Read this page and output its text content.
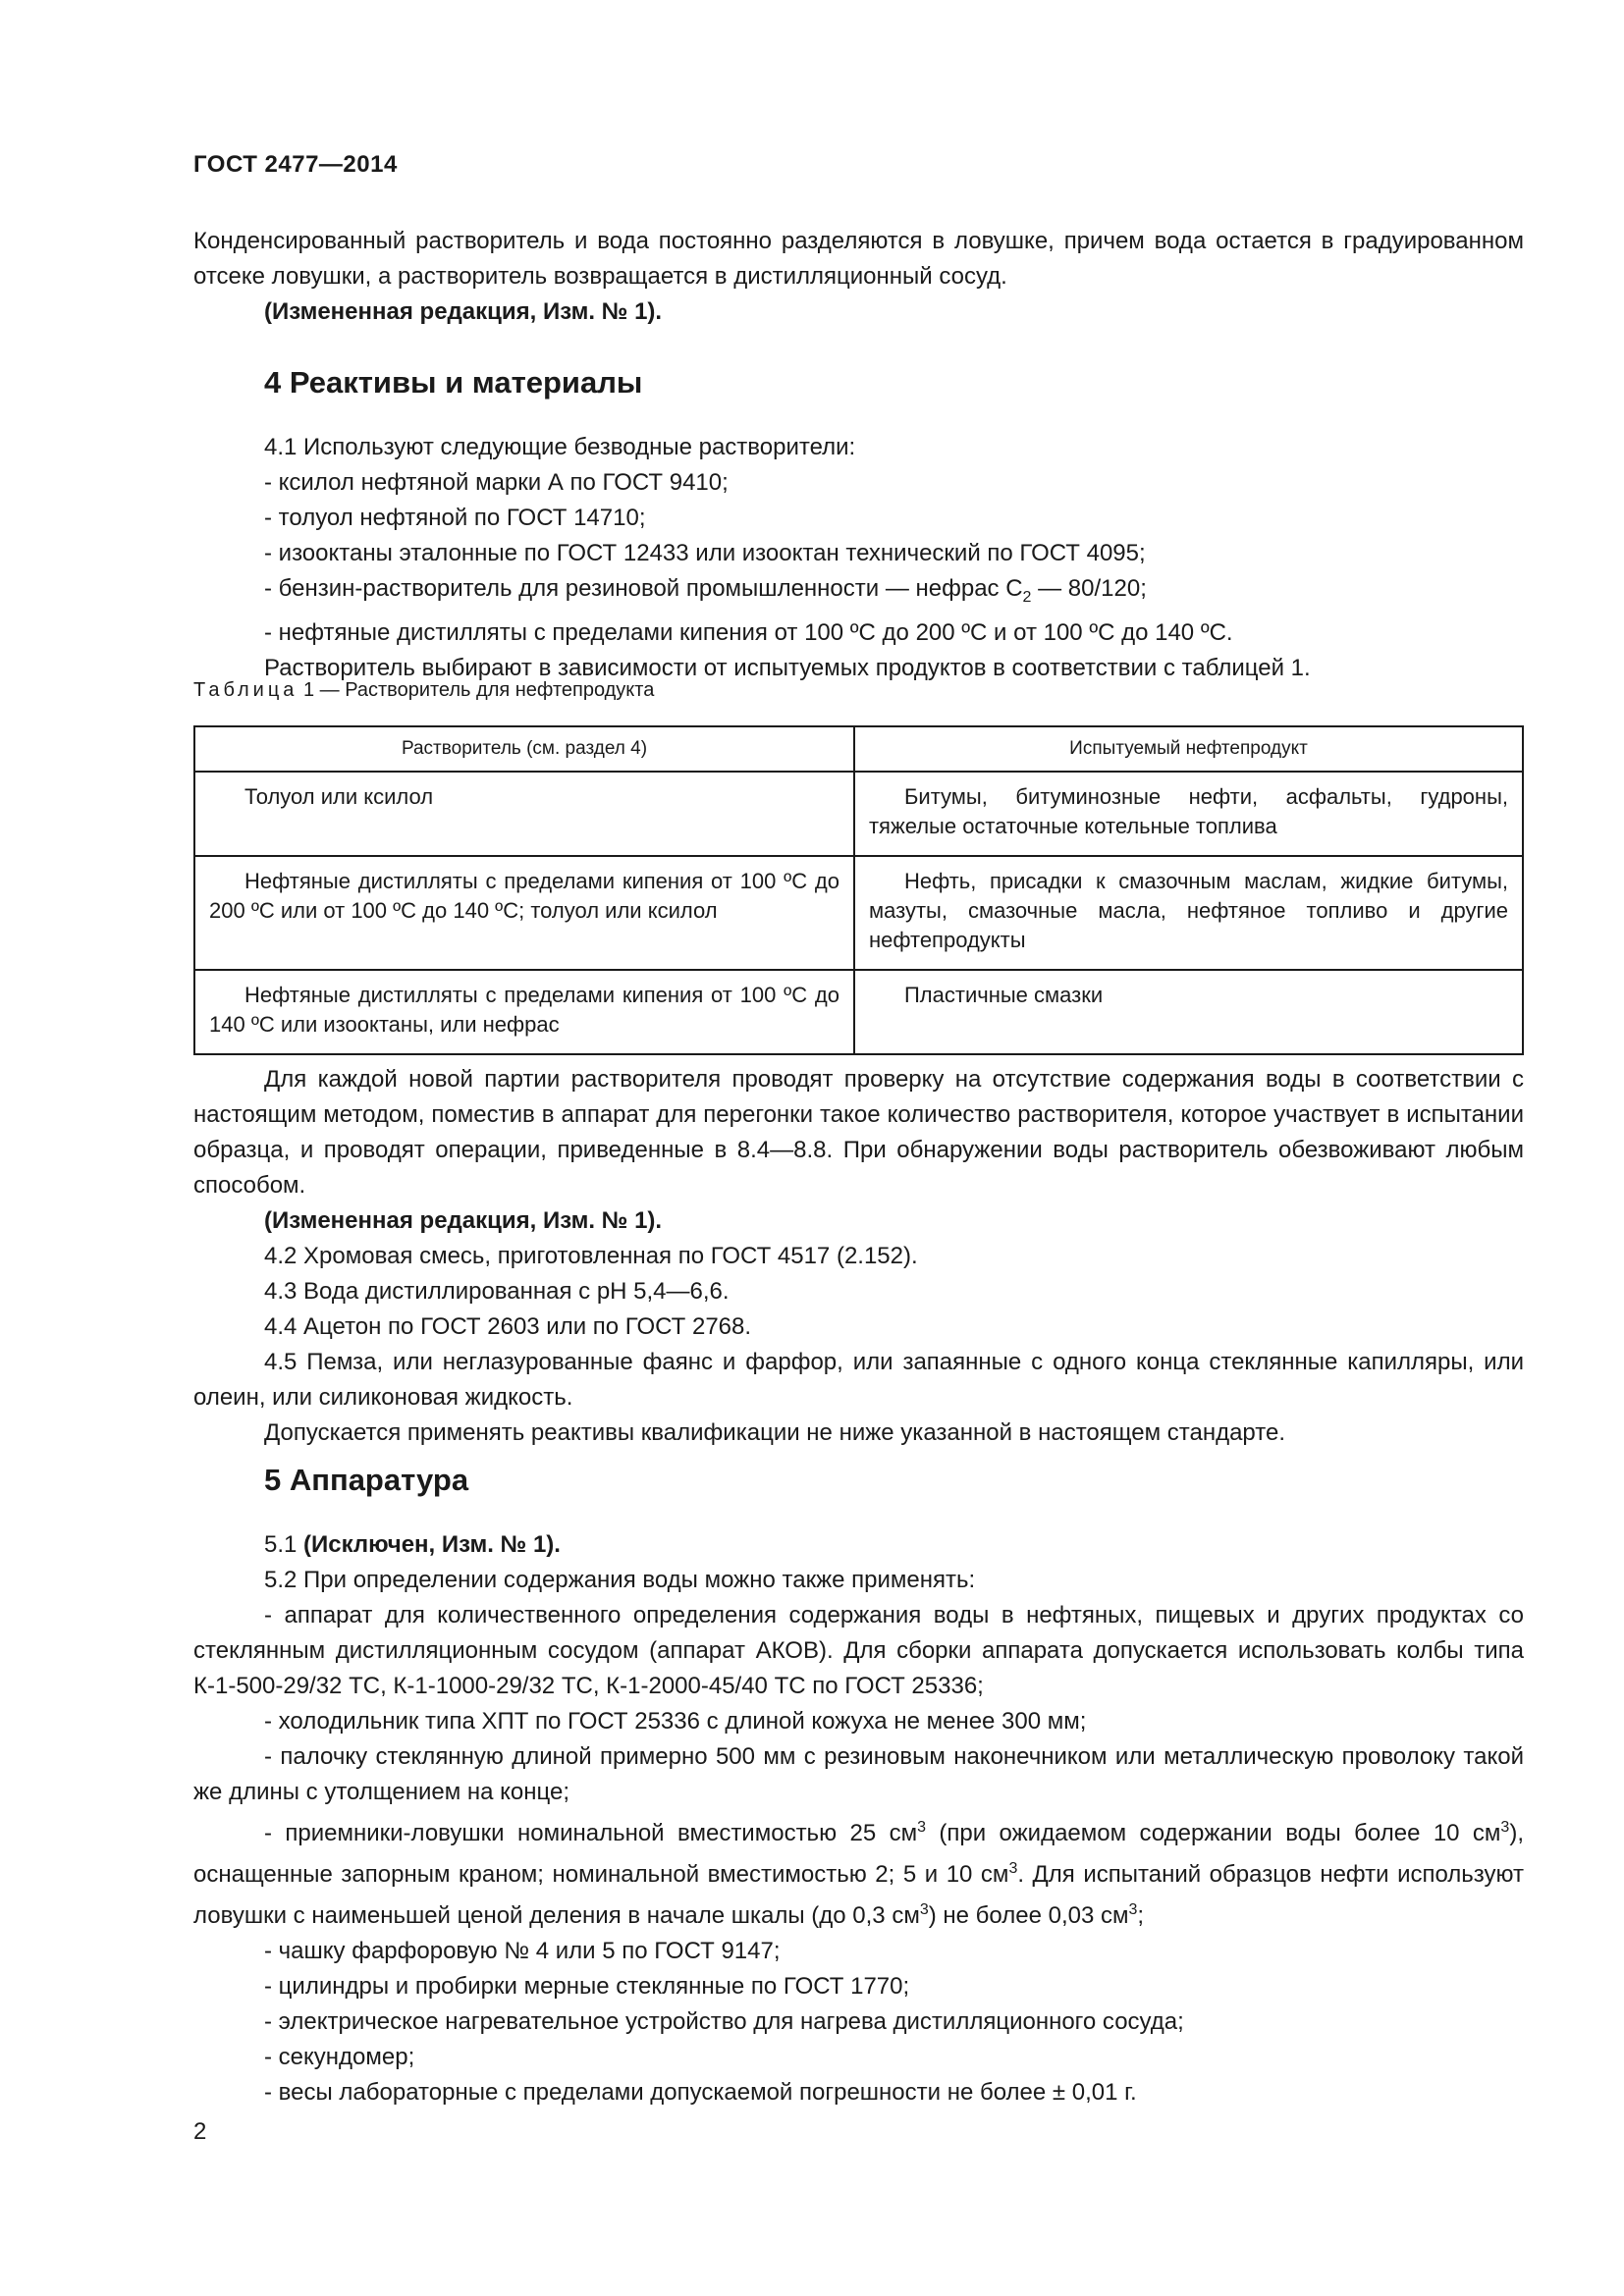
ГОСТ 2477—2014

Конденсированный растворитель и вода постоянно разделяются в ловушке, причем вода остается в градуированном отсеке ловушки, а растворитель возвращается в дистилляционный сосуд.

(Измененная редакция, Изм. № 1).

4 Реактивы и материалы

4.1 Используют следующие безводные растворители:

- ксилол нефтяной марки А по ГОСТ 9410;

- толуол нефтяной по ГОСТ 14710;

- изооктаны эталонные по ГОСТ 12433 или изооктан технический по ГОСТ 4095;

- бензин-растворитель для резиновой промышленности — нефрас $С_2$ — 80/120;

- нефтяные дистилляты с пределами кипения от 100 ºС до 200 ºС и от 100 ºС до 140 ºС.

Растворитель выбирают в зависимости от испытуемых продуктов в соответствии с таблицей 1.

Таблица 1 — Растворитель для нефтепродукта

Растворитель (см. раздел 4)	Испытуемый нефтепродукт

Толуол или ксилол	Битумы, битуминозные нефти, асфальты, гудроны, тяжелые остаточные котельные топлива

Нефтяные дистилляты с пределами кипения от 100 ºС до 200 ºС или от 100 ºС до 140 ºС; толуол или ксилол	Нефть, присадки к смазочным маслам, жидкие битумы, мазуты, смазочные масла, нефтяное топливо и другие нефтепродукты

Нефтяные дистилляты с пределами кипения от 100 ºС до 140 ºС или изооктаны, или нефрас	Пластичные смазки

Для каждой новой партии растворителя проводят проверку на отсутствие содержания воды в соответствии с настоящим методом, поместив в аппарат для перегонки такое количество растворителя, которое участвует в испытании образца, и проводят операции, приведенные в 8.4—8.8. При обнаружении воды растворитель обезвоживают любым способом.

(Измененная редакция, Изм. № 1).

4.2 Хромовая смесь, приготовленная по ГОСТ 4517 (2.152).

4.3 Вода дистиллированная с pH 5,4—6,6.

4.4 Ацетон по ГОСТ 2603 или по ГОСТ 2768.

4.5 Пемза, или неглазурованные фаянс и фарфор, или запаянные с одного конца стеклянные капилляры, или олеин, или силиконовая жидкость.

Допускается применять реактивы квалификации не ниже указанной в настоящем стандарте.

5 Аппаратура

5.1 (Исключен, Изм. № 1).

5.2 При определении содержания воды можно также применять:

- аппарат для количественного определения содержания воды в нефтяных, пищевых и других продуктах со стеклянным дистилляционным сосудом (аппарат АКОВ). Для сборки аппарата допускается использовать колбы типа К-1-500-29/32 ТС, К-1-1000-29/32 ТС, К-1-2000-45/40 ТС по ГОСТ 25336;

- холодильник типа ХПТ по ГОСТ 25336 с длиной кожуха не менее 300 мм;

- палочку стеклянную длиной примерно 500 мм с резиновым наконечником или металлическую проволоку такой же длины с утолщением на конце;

- приемники-ловушки номинальной вместимостью 25 $см^3$ (при ожидаемом содержании воды более 10 $см^3$), оснащенные запорным краном; номинальной вместимостью 2; 5 и 10 $см^3$. Для испытаний образцов нефти используют ловушки с наименьшей ценой деления в начале шкалы (до 0,3 $см^3$) не более 0,03 $см^3$;

- чашку фарфоровую № 4 или 5 по ГОСТ 9147;

- цилиндры и пробирки мерные стеклянные по ГОСТ 1770;

- электрическое нагревательное устройство для нагрева дистилляционного сосуда;

- секундомер;

- весы лабораторные с пределами допускаемой погрешности не более ± 0,01 г.

2
